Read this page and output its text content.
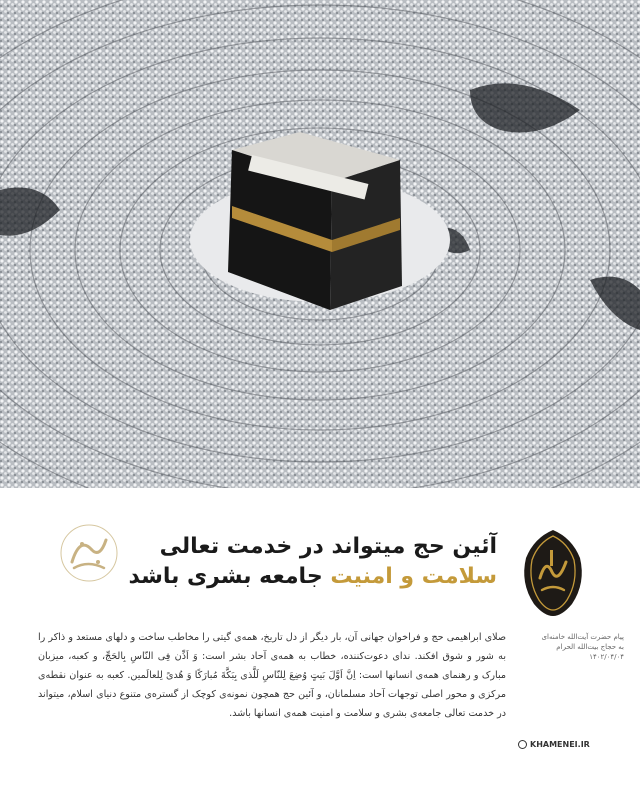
آئین حج میتواند در خدمت تعالی
سلامت و امنیت جامعه بشری باشد
پیام حضرت آیت‌الله خامنه‌ای
به حجاج بیت‌الله الحرام
۱۴۰۲/۰۴/۰۴
صلای ابراهیمی حج و فراخوان جهانی آن، بار دیگر از دل تاریخ، همه‌ی گیتی را مخاطب ساخت و دلهای مستعد و ذاکر را به شور و شوق افکند. ندای دعوت‌کننده، خطاب به همه‌ی آحاد بشر است: وَ اَذِّن فِی النّاسِ بِالحَجِّ، و کعبه، میزبان مبارک و رهنمای همه‌ی انسانها است: اِنَّ اَوَّلَ بَیتٍ وُضِعَ لِلنّاسِ لَلَّذی بِبَکَّةَ مُبارَکًا وَ هُدیً لِلعالَمین. کعبه به عنوان نقطه‌ی مرکزی و محور اصلی توجهات آحاد مسلمانان، و آئین حج همچون نمونه‌ی کوچک از گستره‌ی متنوع دنیای اسلام، میتواند در خدمت تعالی جامعه‌ی بشری و سلامت و امنیت همه‌ی انسانها باشد.
KHAMENEI.IR
